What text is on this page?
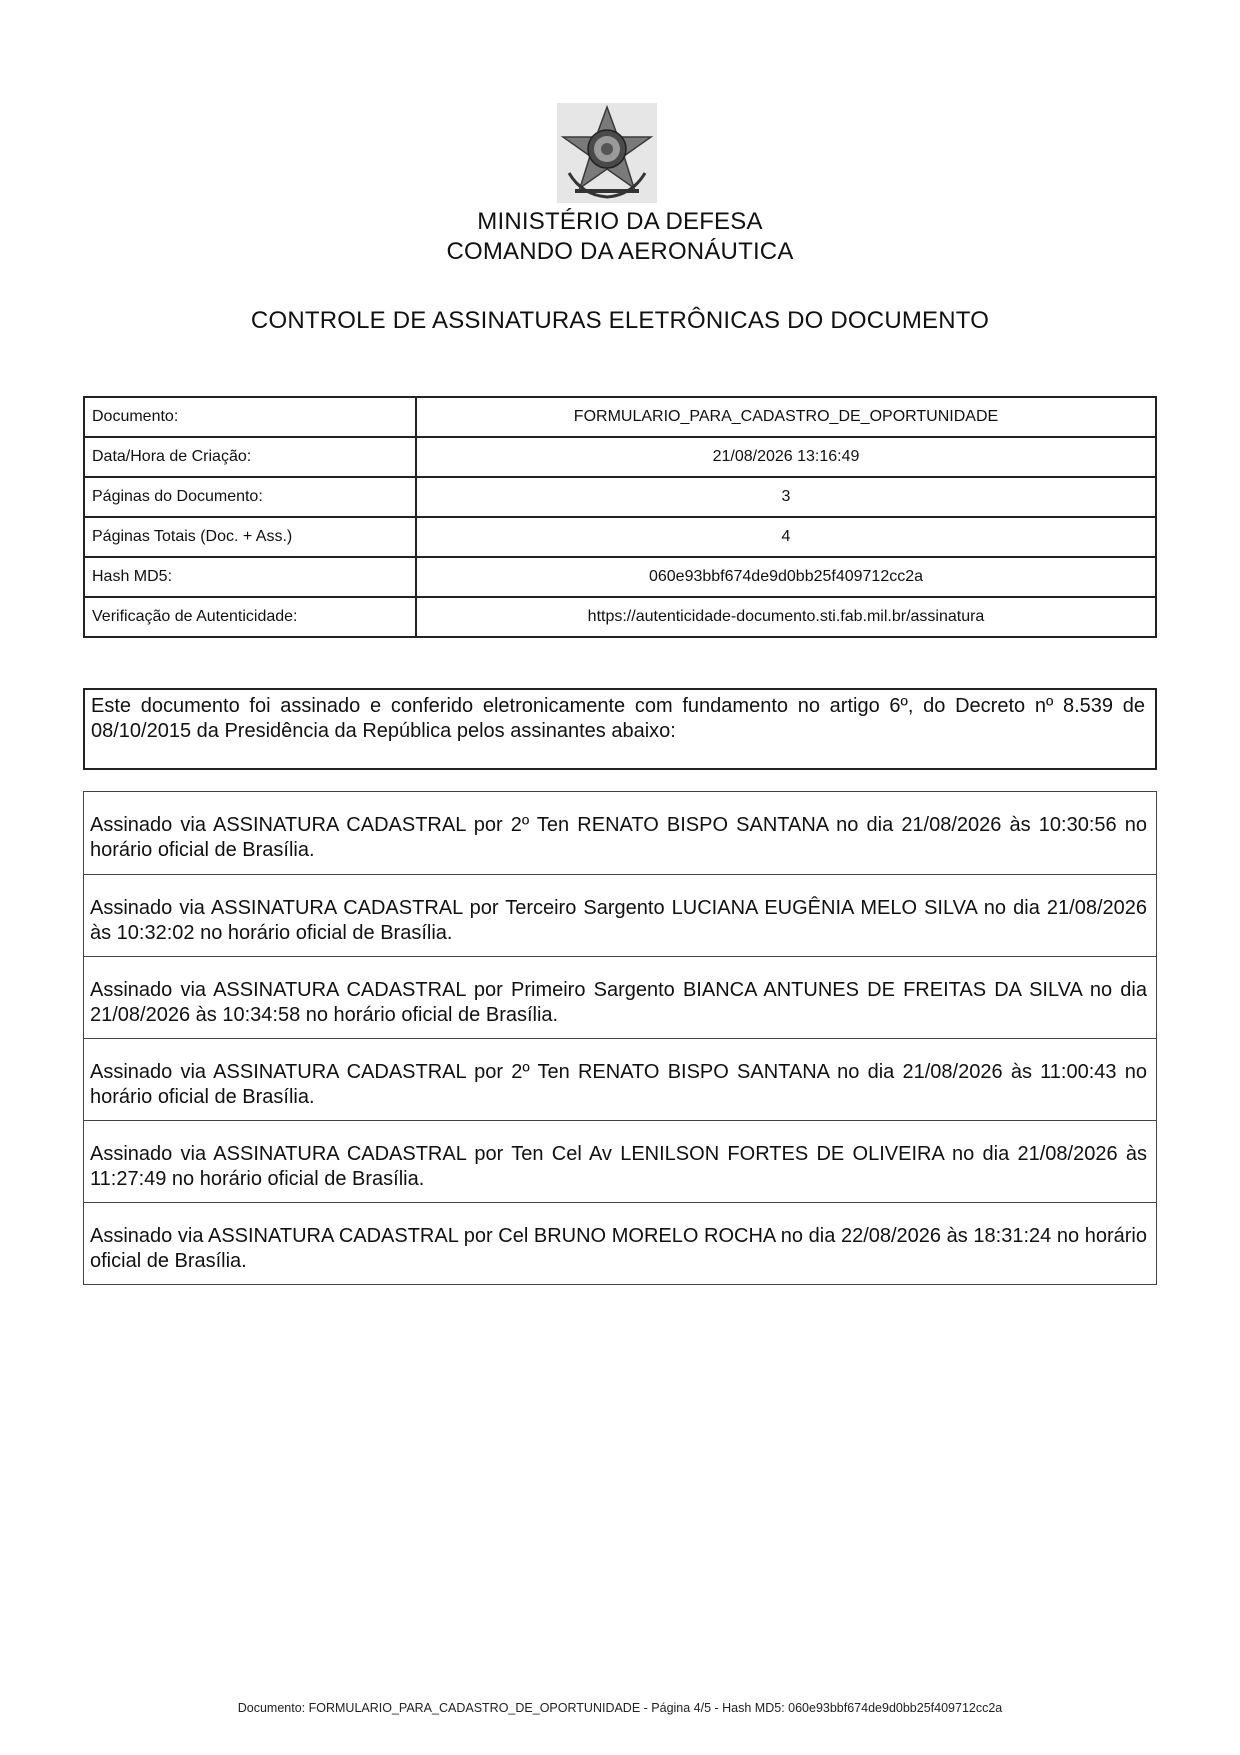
MINISTÉRIO DA DEFESA
COMANDO DA AERONÁUTICA
CONTROLE DE ASSINATURAS ELETRÔNICAS DO DOCUMENTO
Documento:	FORMULARIO_PARA_CADASTRO_DE_OPORTUNIDADE
Data/Hora de Criação:	21/08/2026 13:16:49
Páginas do Documento:	3
Páginas Totais (Doc. + Ass.)	4
Hash MD5:	060e93bbf674de9d0bb25f409712cc2a
Verificação de Autenticidade:	https://autenticidade-documento.sti.fab.mil.br/assinatura
Este documento foi assinado e conferido eletronicamente com fundamento no artigo 6º, do Decreto nº 8.539 de 08/10/2015 da Presidência da República pelos assinantes abaixo:
Assinado via ASSINATURA CADASTRAL por 2º Ten RENATO BISPO SANTANA no dia 21/08/2026 às 10:30:56 no horário oficial de Brasília.
Assinado via ASSINATURA CADASTRAL por Terceiro Sargento LUCIANA EUGÊNIA MELO SILVA no dia 21/08/2026 às 10:32:02 no horário oficial de Brasília.
Assinado via ASSINATURA CADASTRAL por Primeiro Sargento BIANCA ANTUNES DE FREITAS DA SILVA no dia 21/08/2026 às 10:34:58 no horário oficial de Brasília.
Assinado via ASSINATURA CADASTRAL por 2º Ten RENATO BISPO SANTANA no dia 21/08/2026 às 11:00:43 no horário oficial de Brasília.
Assinado via ASSINATURA CADASTRAL por Ten Cel Av LENILSON FORTES DE OLIVEIRA no dia 21/08/2026 às 11:27:49 no horário oficial de Brasília.
Assinado via ASSINATURA CADASTRAL por Cel BRUNO MORELO ROCHA no dia 22/08/2026 às 18:31:24 no horário oficial de Brasília.
Documento: FORMULARIO_PARA_CADASTRO_DE_OPORTUNIDADE - Página 4/5 - Hash MD5: 060e93bbf674de9d0bb25f409712cc2a
